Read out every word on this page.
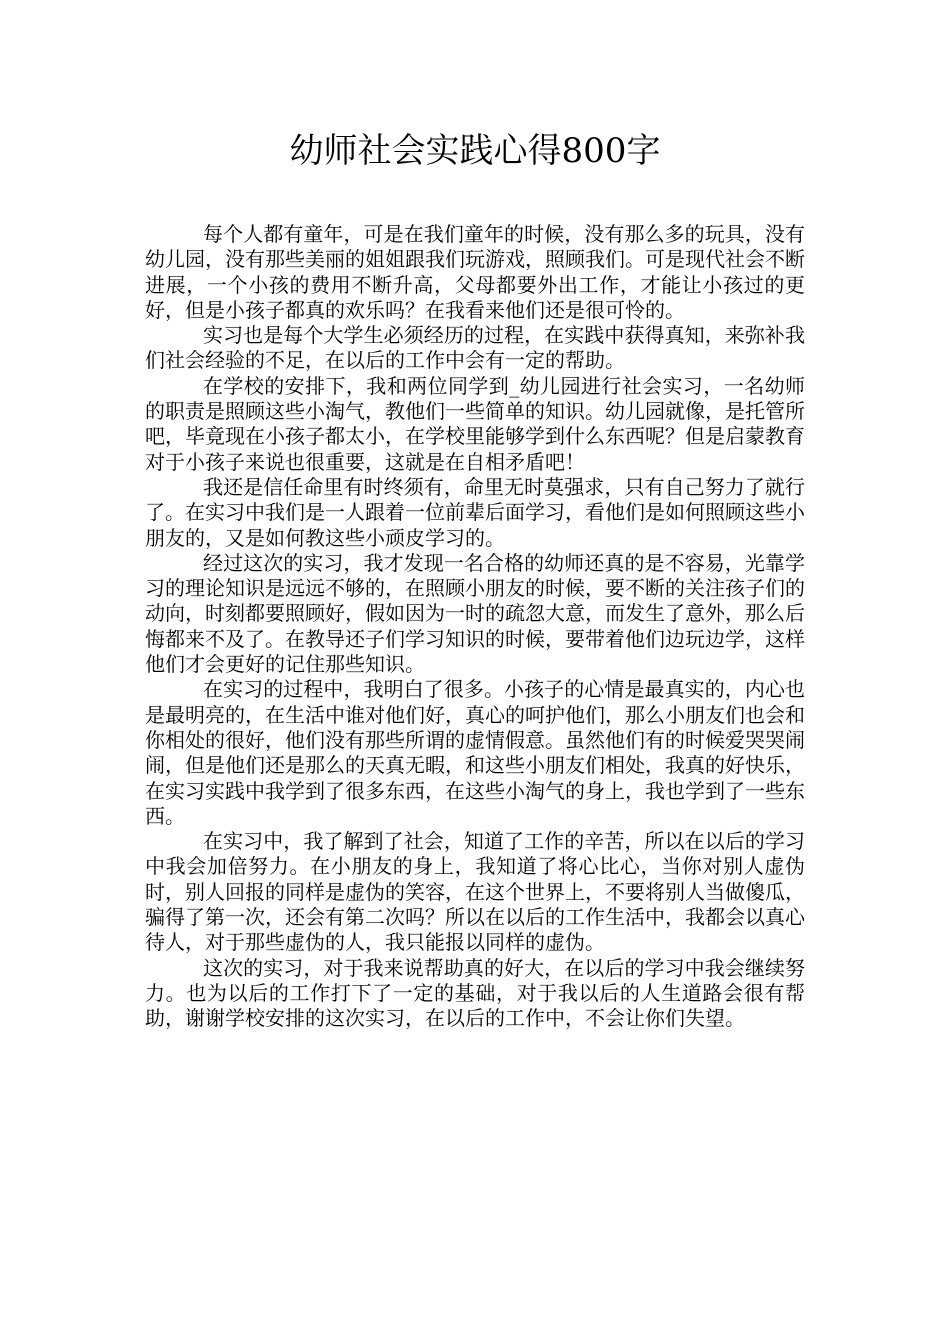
幼师社会实践心得800字

每个人都有童年，可是在我们童年的时候，没有那么多的玩具，没有幼儿园，没有那些美丽的姐姐跟我们玩游戏，照顾我们。可是现代社会不断进展，一个小孩的费用不断升高，父母都要外出工作，才能让小孩过的更好，但是小孩子都真的欢乐吗？在我看来他们还是很可怜的。

实习也是每个大学生必须经历的过程，在实践中获得真知，来弥补我们社会经验的不足，在以后的工作中会有一定的帮助。

在学校的安排下，我和两位同学到_幼儿园进行社会实习，一名幼师的职责是照顾这些小淘气，教他们一些简单的知识。幼儿园就像，是托管所吧，毕竟现在小孩子都太小，在学校里能够学到什么东西呢？但是启蒙教育对于小孩子来说也很重要，这就是在自相矛盾吧！

我还是信任命里有时终须有，命里无时莫强求，只有自己努力了就行了。在实习中我们是一人跟着一位前辈后面学习，看他们是如何照顾这些小朋友的，又是如何教这些小顽皮学习的。

经过这次的实习，我才发现一名合格的幼师还真的是不容易，光靠学习的理论知识是远远不够的，在照顾小朋友的时候，要不断的关注孩子们的动向，时刻都要照顾好，假如因为一时的疏忽大意，而发生了意外，那么后悔都来不及了。在教导还子们学习知识的时候，要带着他们边玩边学，这样他们才会更好的记住那些知识。

在实习的过程中，我明白了很多。小孩子的心情是最真实的，内心也是最明亮的，在生活中谁对他们好，真心的呵护他们，那么小朋友们也会和你相处的很好，他们没有那些所谓的虚情假意。虽然他们有的时候爱哭哭闹闹，但是他们还是那么的天真无暇，和这些小朋友们相处，我真的好快乐，在实习实践中我学到了很多东西，在这些小淘气的身上，我也学到了一些东西。

在实习中，我了解到了社会，知道了工作的辛苦，所以在以后的学习中我会加倍努力。在小朋友的身上，我知道了将心比心，当你对别人虚伪时，别人回报的同样是虚伪的笑容，在这个世界上，不要将别人当做傻瓜，骗得了第一次，还会有第二次吗？所以在以后的工作生活中，我都会以真心待人，对于那些虚伪的人，我只能报以同样的虚伪。

这次的实习，对于我来说帮助真的好大，在以后的学习中我会继续努力。也为以后的工作打下了一定的基础，对于我以后的人生道路会很有帮助，谢谢学校安排的这次实习，在以后的工作中，不会让你们失望。
